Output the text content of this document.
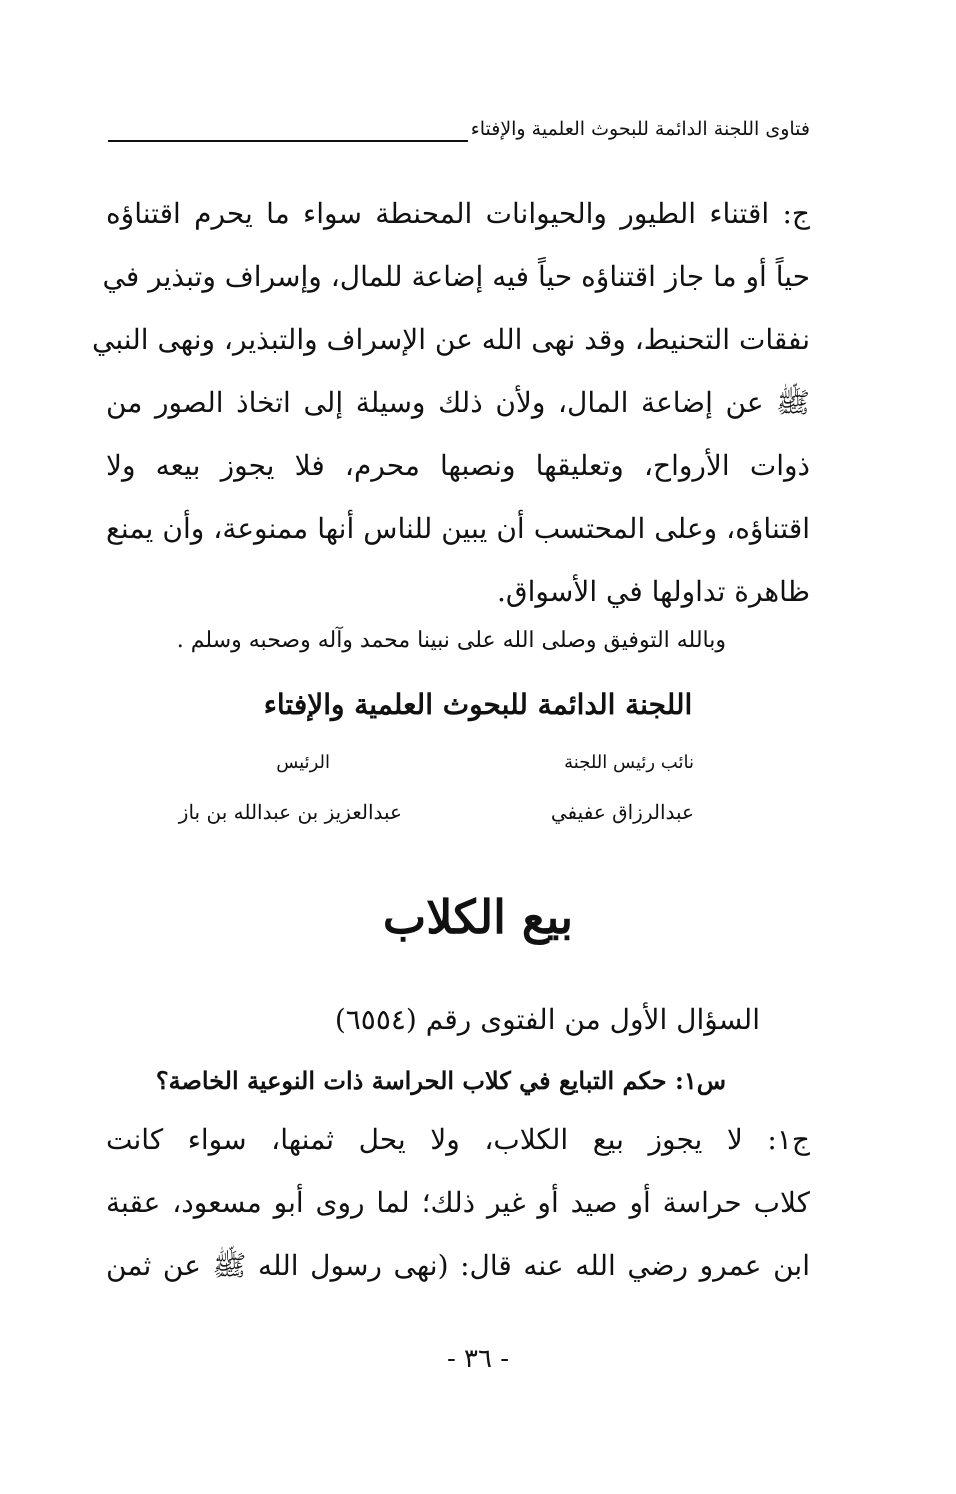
فتاوى اللجنة الدائمة للبحوث العلمية والإفتاء

ج: اقتناء الطيور والحيوانات المحنطة سواء ما يحرم اقتناؤه
حياً أو ما جاز اقتناؤه حياً فيه إضاعة للمال، وإسراف وتبذير في
نفقات التحنيط، وقد نهى الله عن الإسراف والتبذير، ونهى النبي
ﷺ عن إضاعة المال، ولأن ذلك وسيلة إلى اتخاذ الصور من
ذوات الأرواح، وتعليقها ونصبها محرم، فلا يجوز بيعه ولا
اقتناؤه، وعلى المحتسب أن يبين للناس أنها ممنوعة، وأن يمنع
ظاهرة تداولها في الأسواق.

وبالله التوفيق وصلى الله على نبينا محمد وآله وصحبه وسلم .
اللجنة الدائمة للبحوث العلمية والإفتاء
نائب رئيس اللجنة
الرئيس
عبدالرزاق عفيفي
عبدالعزيز بن عبدالله بن باز
بيع الكلاب
السؤال الأول من الفتوى رقم (٦٥٥٤)
س١: حكم التبايع في كلاب الحراسة ذات النوعية الخاصة؟

ج١: لا يجوز بيع الكلاب، ولا يحل ثمنها، سواء كانت
كلاب حراسة أو صيد أو غير ذلك؛ لما روى أبو مسعود، عقبة
ابن عمرو رضي الله عنه قال: (نهى رسول الله ﷺ عن ثمن

- ٣٦ -
